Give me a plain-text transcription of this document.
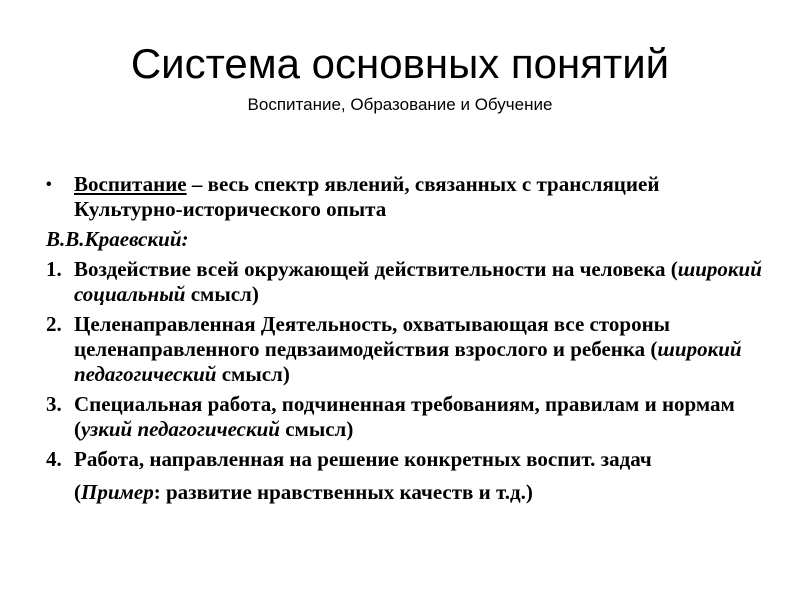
Система основных понятий
Воспитание, Образование и Обучение
• Воспитание – весь спектр явлений, связанных с трансляцией Культурно-исторического опыта
В.В.Краевский:
1. Воздействие всей окружающей действительности на человека (широкий социальный смысл)
2. Целенаправленная Деятельность, охватывающая все стороны целенаправленного педвзаимодействия взрослого и ребенка (широкий педагогический смысл)
3. Специальная работа, подчиненная требованиям, правилам и нормам (узкий педагогический смысл)
4. Работа, направленная на решение конкретных воспит. задач
(Пример: развитие нравственных качеств и т.д.)
